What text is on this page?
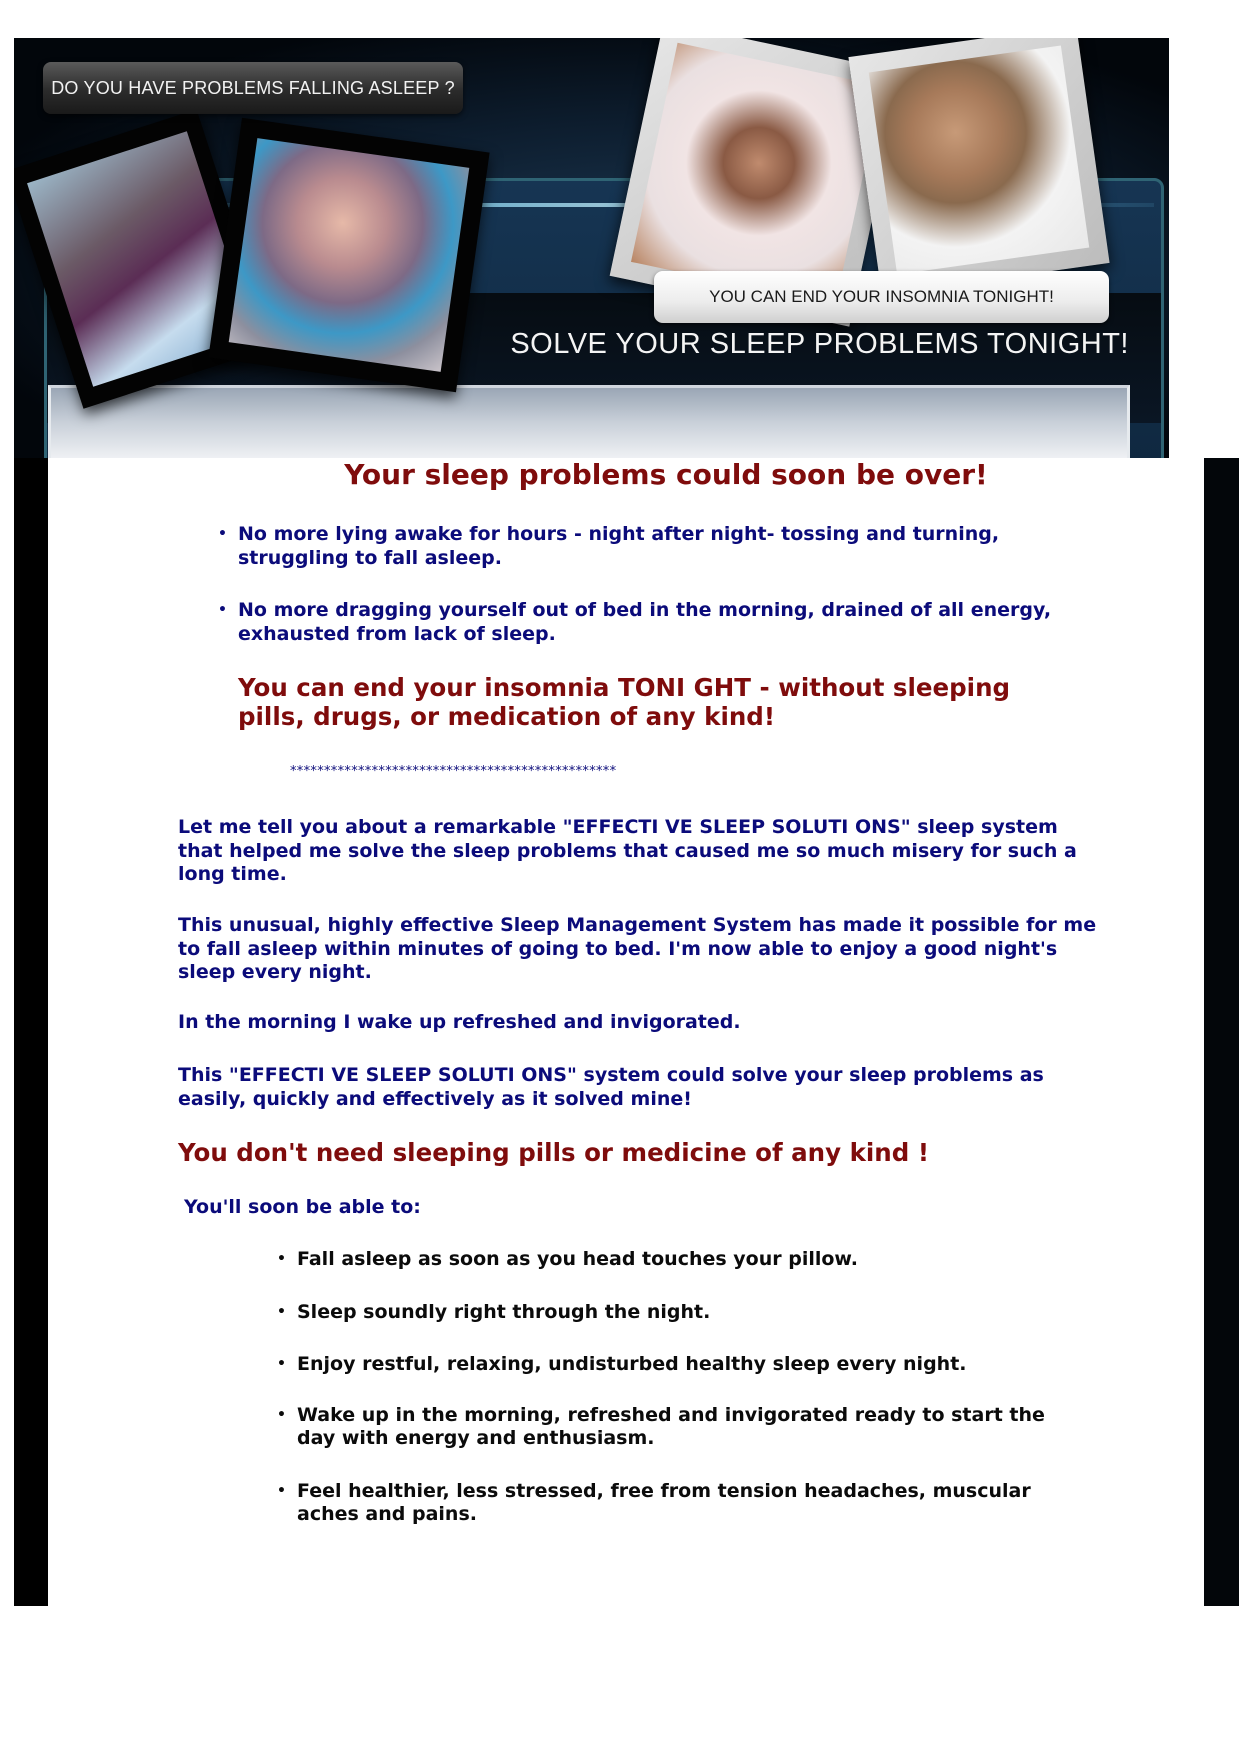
DO YOU HAVE PROBLEMS FALLING ASLEEP ?
YOU CAN END YOUR INSOMNIA TONIGHT!
SOLVE YOUR SLEEP PROBLEMS TONIGHT!
Your sleep problems could soon be over!
• No more lying awake for hours - night after night- tossing and turning,
struggling to fall asleep.
• No more dragging yourself out of bed in the morning, drained of all energy,
exhausted from lack of sleep.
You can end your insomnia TONI GHT - without sleeping
pills, drugs, or medication of any kind!
************************************************
Let me tell you about a remarkable "EFFECTI VE SLEEP SOLUTI ONS" sleep system
that helped me solve the sleep problems that caused me so much misery for such a
long time.
This unusual, highly effective Sleep Management System has made it possible for me
to fall asleep within minutes of going to bed. I'm now able to enjoy a good night's
sleep every night.
In the morning I wake up refreshed and invigorated.
This "EFFECTI VE SLEEP SOLUTI ONS" system could solve your sleep problems as
easily, quickly and effectively as it solved mine!
You don't need sleeping pills or medicine of any kind !
You'll soon be able to:
• Fall asleep as soon as you head touches your pillow.
• Sleep soundly right through the night.
• Enjoy restful, relaxing, undisturbed healthy sleep every night.
• Wake up in the morning, refreshed and invigorated ready to start the
day with energy and enthusiasm.
• Feel healthier, less stressed, free from tension headaches, muscular
aches and pains.
